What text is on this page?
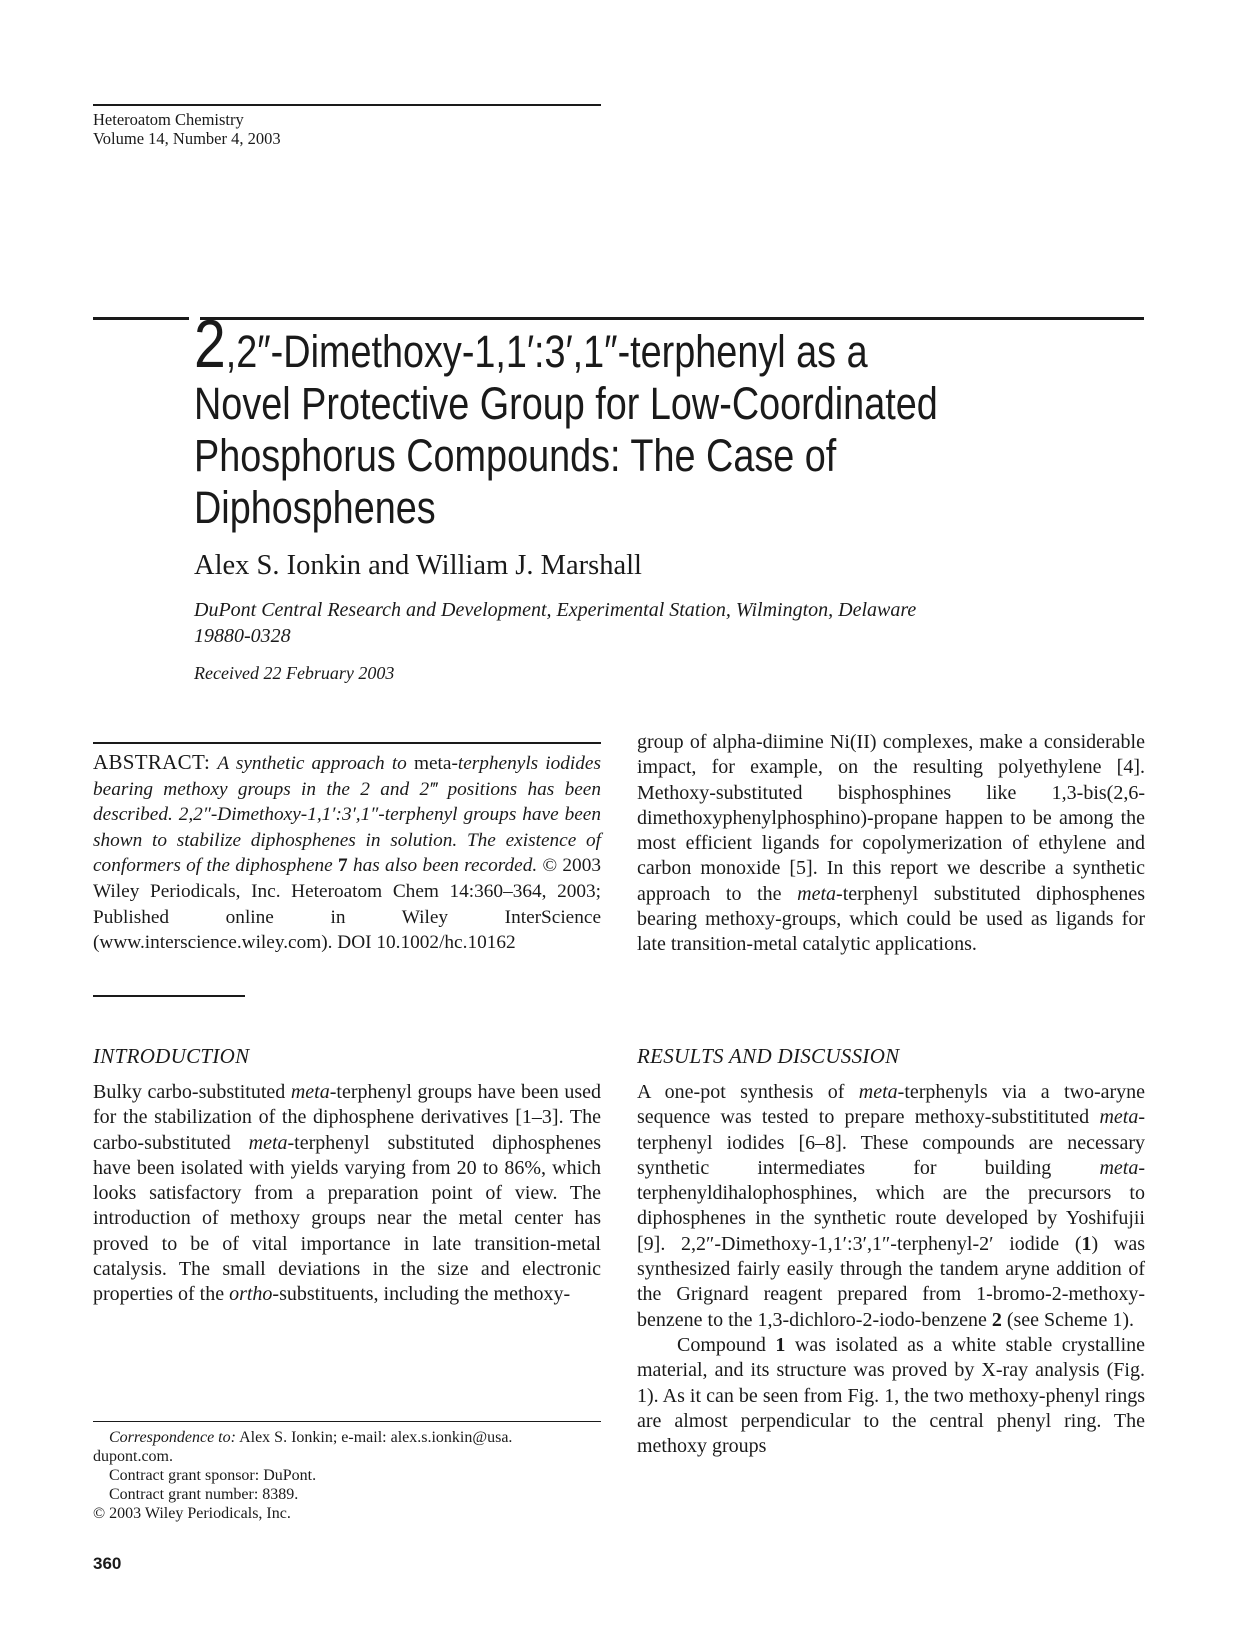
Heteroatom Chemistry
Volume 14, Number 4, 2003
2,2″-Dimethoxy-1,1′:3′,1″-terphenyl as a
Novel Protective Group for Low-Coordinated
Phosphorus Compounds: The Case of
Diphosphenes
Alex S. Ionkin and William J. Marshall
DuPont Central Research and Development, Experimental Station, Wilmington, Delaware
19880-0328
Received 22 February 2003
ABSTRACT: A synthetic approach to meta-terphenyls iodides bearing methoxy groups in the 2 and 2‴ positions has been described. 2,2″-Dimethoxy-1,1′:3′,1″-terphenyl groups have been shown to stabilize diphosphenes in solution. The existence of conformers of the diphosphene 7 has also been recorded. © 2003 Wiley Periodicals, Inc. Heteroatom Chem 14:360–364, 2003; Published online in Wiley InterScience (www.interscience.wiley.com). DOI 10.1002/hc.10162
INTRODUCTION

Bulky carbo-substituted meta-terphenyl groups have been used for the stabilization of the diphosphene derivatives [1–3]. The carbo-substituted meta-terphenyl substituted diphosphenes have been isolated with yields varying from 20 to 86%, which looks satisfactory from a preparation point of view. The introduction of methoxy groups near the metal center has proved to be of vital importance in late transition-metal catalysis. The small deviations in the size and electronic properties of the ortho-substituents, including the methoxy-

group of alpha-diimine Ni(II) complexes, make a considerable impact, for example, on the resulting polyethylene [4]. Methoxy-substituted bisphosphines like 1,3-bis(2,6-dimethoxyphenylphosphino)-propane happen to be among the most efficient ligands for copolymerization of ethylene and carbon monoxide [5]. In this report we describe a synthetic approach to the meta-terphenyl substituted diphosphenes bearing methoxy-groups, which could be used as ligands for late transition-metal catalytic applications.

RESULTS AND DISCUSSION

A one-pot synthesis of meta-terphenyls via a two-aryne sequence was tested to prepare methoxy-substitituted meta-terphenyl iodides [6–8]. These compounds are necessary synthetic intermediates for building meta-terphenyldihalophosphines, which are the precursors to diphosphenes in the synthetic route developed by Yoshifujii [9]. 2,2″-Dimethoxy-1,1′:3′,1″-terphenyl-2′ iodide (1) was synthesized fairly easily through the tandem aryne addition of the Grignard reagent prepared from 1-bromo-2-methoxy-benzene to the 1,3-dichloro-2-iodo-benzene 2 (see Scheme 1).

Compound 1 was isolated as a white stable crystalline material, and its structure was proved by X-ray analysis (Fig. 1). As it can be seen from Fig. 1, the two methoxy-phenyl rings are almost perpendicular to the central phenyl ring. The methoxy groups

Correspondence to: Alex S. Ionkin; e-mail: alex.s.ionkin@usa.
dupont.com.
Contract grant sponsor: DuPont.
Contract grant number: 8389.
© 2003 Wiley Periodicals, Inc.
360
